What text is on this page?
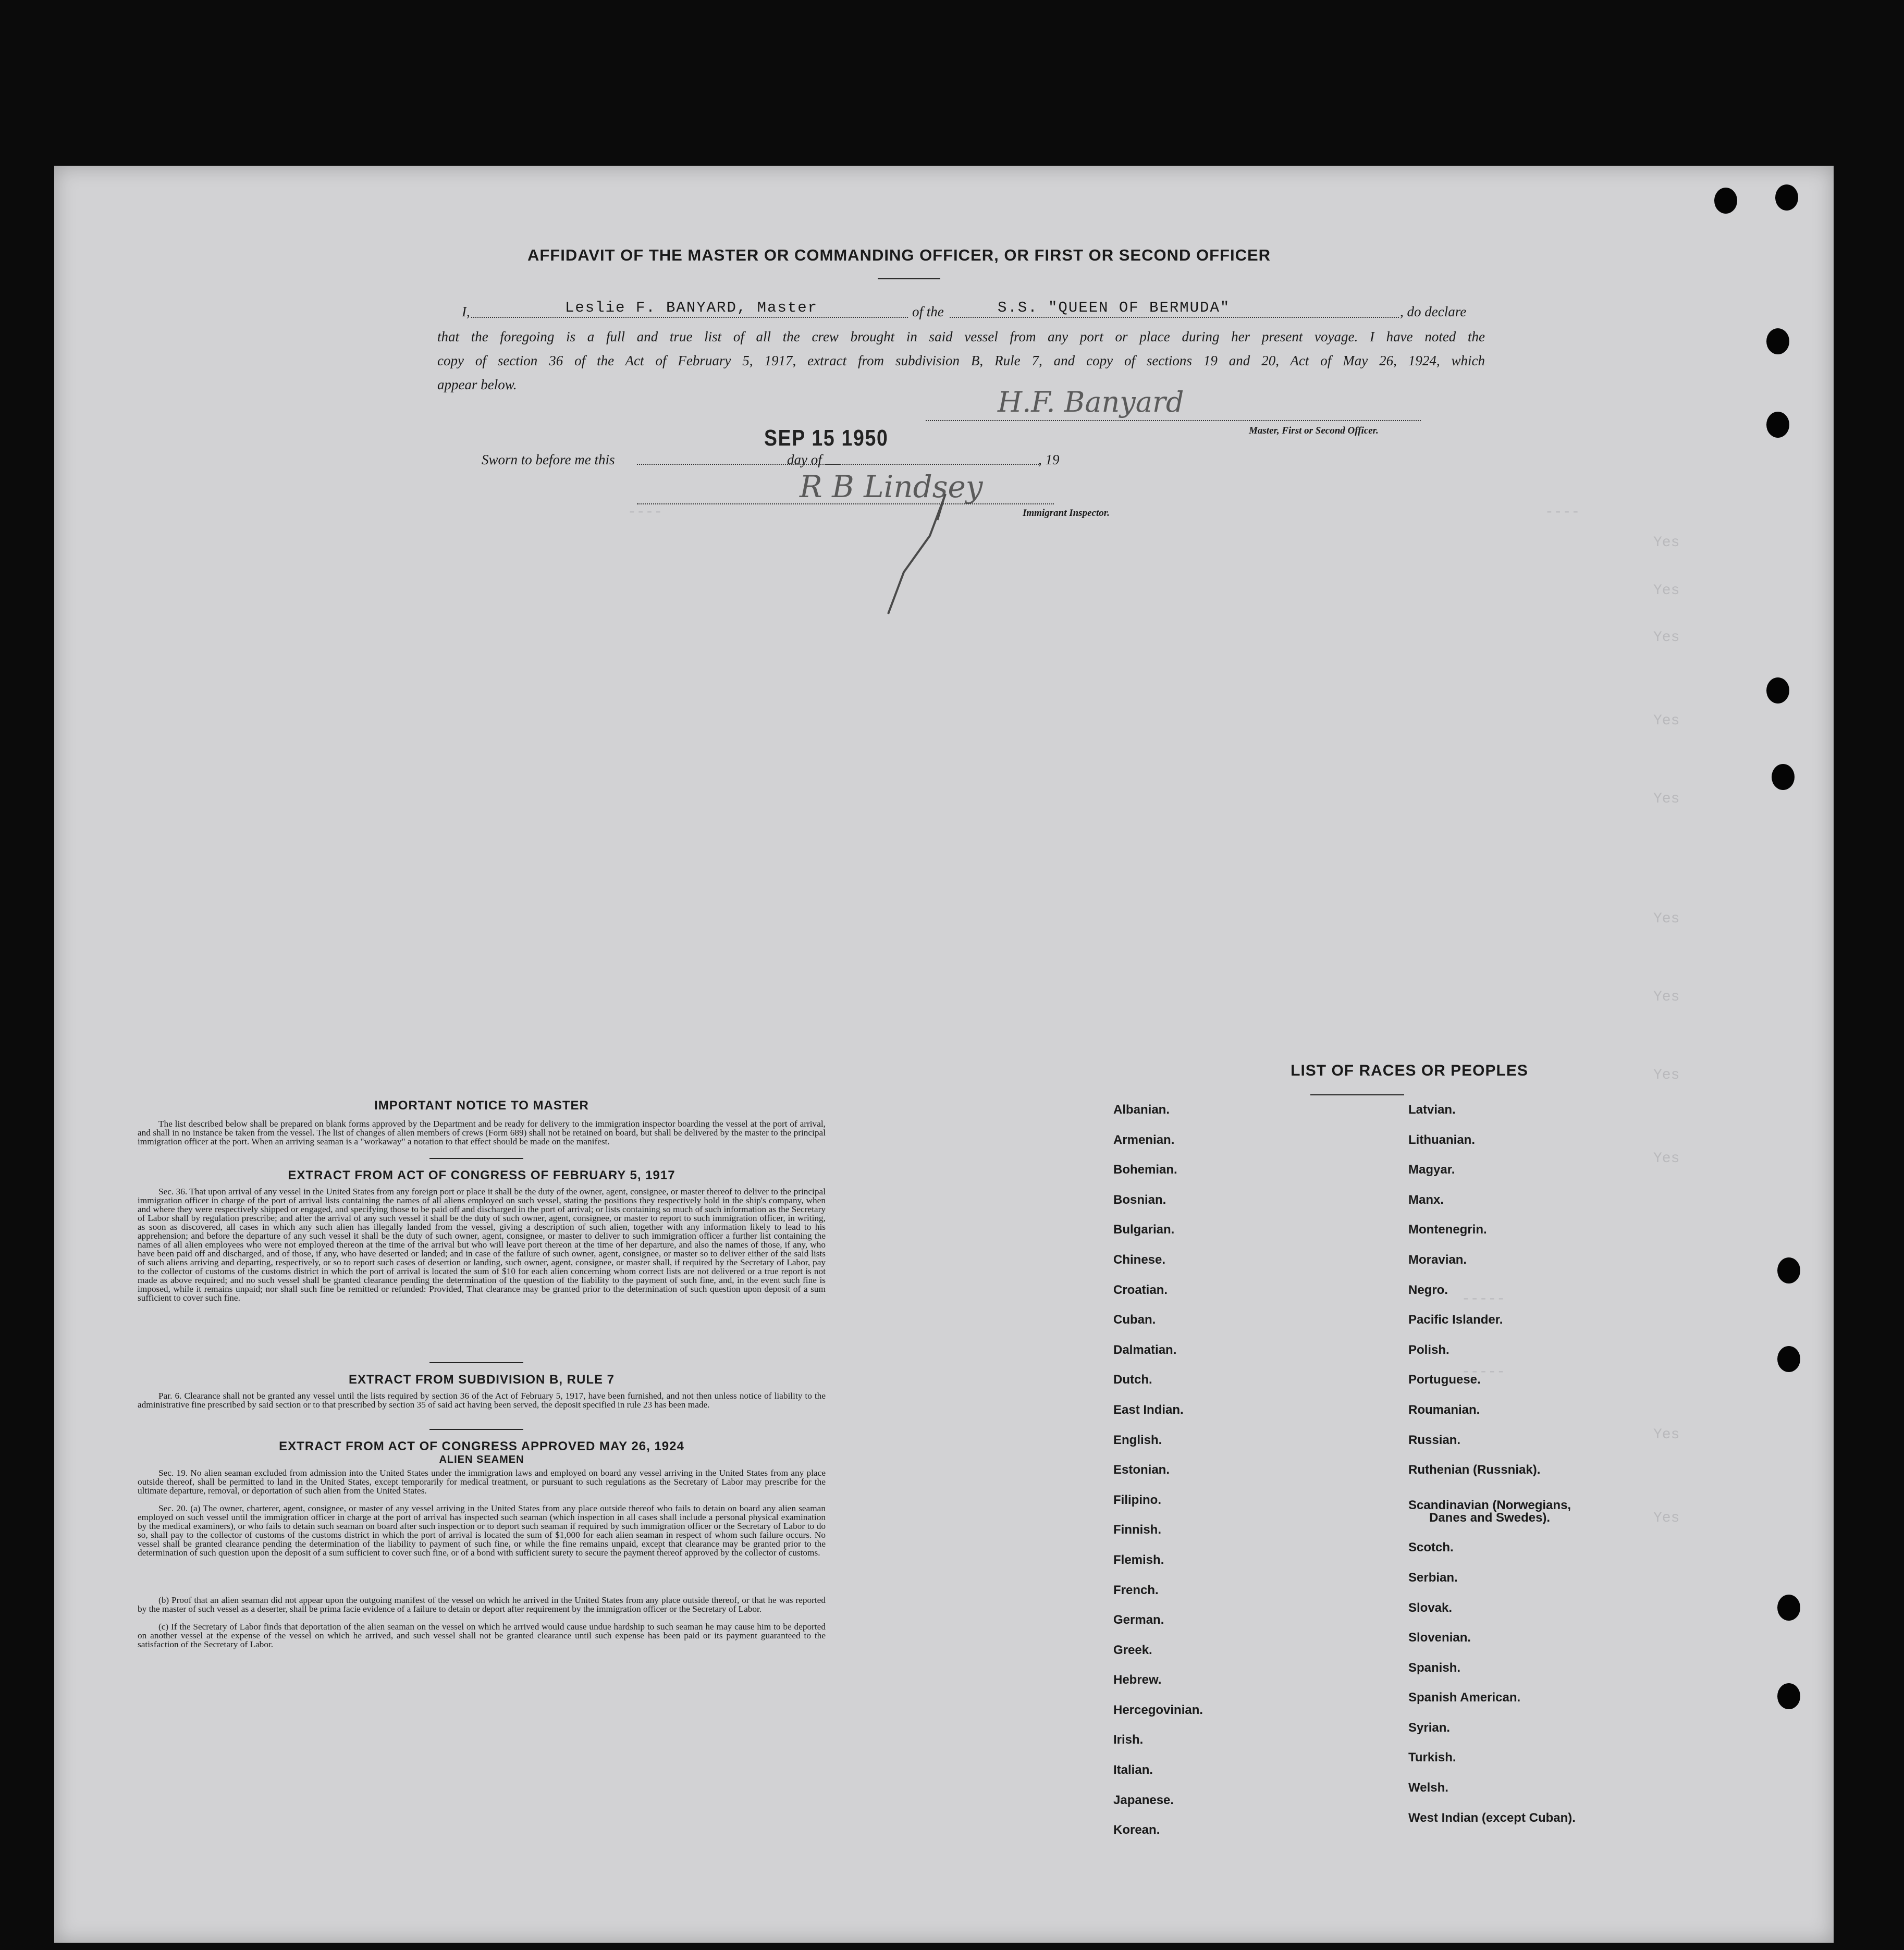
Yes
Yes
Yes
Yes
Yes
Yes
Yes
Yes
Yes
Yes
Yes
----
----
-----
-----
AFFIDAVIT OF THE MASTER OR COMMANDING OFFICER, OR FIRST OR SECOND OFFICER
I,	Leslie F. BANYARD, Master	of the	S.S. "QUEEN OF BERMUDA"	, do declare
that the foregoing is a full and true list of all the crew brought in said vessel from any port or place during her present voyage. I have noted the
copy of section 36 of the Act of February 5, 1917, extract from subdivision B, Rule 7, and copy of sections 19 and 20, Act of May 26, 1924, which
appear below.
H.F. Banyard
Master, First or Second Officer.
Sworn to before me this
SEP 15 1950
day of	, 19
R B Lindsey
Immigrant Inspector.
IMPORTANT NOTICE TO MASTER
The list described below shall be prepared on blank forms approved by the Department and be ready for delivery to the immigration inspector boarding the vessel at the port of arrival, and shall in no instance be taken from the vessel. The list of changes of alien members of crews (Form 689) shall not be retained on board, but shall be delivered by the master to the principal immigration officer at the port. When an arriving seaman is a "workaway" a notation to that effect should be made on the manifest.
EXTRACT FROM ACT OF CONGRESS OF FEBRUARY 5, 1917
Sec. 36. That upon arrival of any vessel in the United States from any foreign port or place it shall be the duty of the owner, agent, consignee, or master thereof to deliver to the principal immigration officer in charge of the port of arrival lists containing the names of all aliens employed on such vessel, stating the positions they respectively hold in the ship's company, when and where they were respectively shipped or engaged, and specifying those to be paid off and discharged in the port of arrival; or lists containing so much of such information as the Secretary of Labor shall by regulation prescribe; and after the arrival of any such vessel it shall be the duty of such owner, agent, consignee, or master to report to such immigration officer, in writing, as soon as discovered, all cases in which any such alien has illegally landed from the vessel, giving a description of such alien, together with any information likely to lead to his apprehension; and before the departure of any such vessel it shall be the duty of such owner, agent, consignee, or master to deliver to such immigration officer a further list containing the names of all alien employees who were not employed thereon at the time of the arrival but who will leave port thereon at the time of her departure, and also the names of those, if any, who have been paid off and discharged, and of those, if any, who have deserted or landed; and in case of the failure of such owner, agent, consignee, or master so to deliver either of the said lists of such aliens arriving and departing, respectively, or so to report such cases of desertion or landing, such owner, agent, consignee, or master shall, if required by the Secretary of Labor, pay to the collector of customs of the customs district in which the port of arrival is located the sum of $10 for each alien concerning whom correct lists are not delivered or a true report is not made as above required; and no such vessel shall be granted clearance pending the determination of the question of the liability to the payment of such fine, and, in the event such fine is imposed, while it remains unpaid; nor shall such fine be remitted or refunded: Provided, That clearance may be granted prior to the determination of such question upon deposit of a sum sufficient to cover such fine.
EXTRACT FROM SUBDIVISION B, RULE 7
Par. 6. Clearance shall not be granted any vessel until the lists required by section 36 of the Act of February 5, 1917, have been furnished, and not then unless notice of liability to the administrative fine prescribed by said section or to that prescribed by section 35 of said act having been served, the deposit specified in rule 23 has been made.
EXTRACT FROM ACT OF CONGRESS APPROVED MAY 26, 1924
ALIEN SEAMEN
Sec. 19. No alien seaman excluded from admission into the United States under the immigration laws and employed on board any vessel arriving in the United States from any place outside thereof, shall be permitted to land in the United States, except temporarily for medical treatment, or pursuant to such regulations as the Secretary of Labor may prescribe for the ultimate departure, removal, or deportation of such alien from the United States.
Sec. 20. (a) The owner, charterer, agent, consignee, or master of any vessel arriving in the United States from any place outside thereof who fails to detain on board any alien seaman employed on such vessel until the immigration officer in charge at the port of arrival has inspected such seaman (which inspection in all cases shall include a personal physical examination by the medical examiners), or who fails to detain such seaman on board after such inspection or to deport such seaman if required by such immigration officer or the Secretary of Labor to do so, shall pay to the collector of customs of the customs district in which the port of arrival is located the sum of $1,000 for each alien seaman in respect of whom such failure occurs. No vessel shall be granted clearance pending the determination of the liability to payment of such fine, or while the fine remains unpaid, except that clearance may be granted prior to the determination of such question upon the deposit of a sum sufficient to cover such fine, or of a bond with sufficient surety to secure the payment thereof approved by the collector of customs.
(b) Proof that an alien seaman did not appear upon the outgoing manifest of the vessel on which he arrived in the United States from any place outside thereof, or that he was reported by the master of such vessel as a deserter, shall be prima facie evidence of a failure to detain or deport after requirement by the immigration officer or the Secretary of Labor.
(c) If the Secretary of Labor finds that deportation of the alien seaman on the vessel on which he arrived would cause undue hardship to such seaman he may cause him to be deported on another vessel at the expense of the vessel on which he arrived, and such vessel shall not be granted clearance until such expense has been paid or its payment guaranteed to the satisfaction of the Secretary of Labor.
LIST OF RACES OR PEOPLES
Albanian.
Armenian.
Bohemian.
Bosnian.
Bulgarian.
Chinese.
Croatian.
Cuban.
Dalmatian.
Dutch.
East Indian.
English.
Estonian.
Filipino.
Finnish.
Flemish.
French.
German.
Greek.
Hebrew.
Hercegovinian.
Irish.
Italian.
Japanese.
Korean.
Latvian.
Lithuanian.
Magyar.
Manx.
Montenegrin.
Moravian.
Negro.
Pacific Islander.
Polish.
Portuguese.
Roumanian.
Russian.
Ruthenian (Russniak).
Scandinavian (Norwegians,
Danes and Swedes).
Scotch.
Serbian.
Slovak.
Slovenian.
Spanish.
Spanish American.
Syrian.
Turkish.
Welsh.
West Indian (except Cuban).
